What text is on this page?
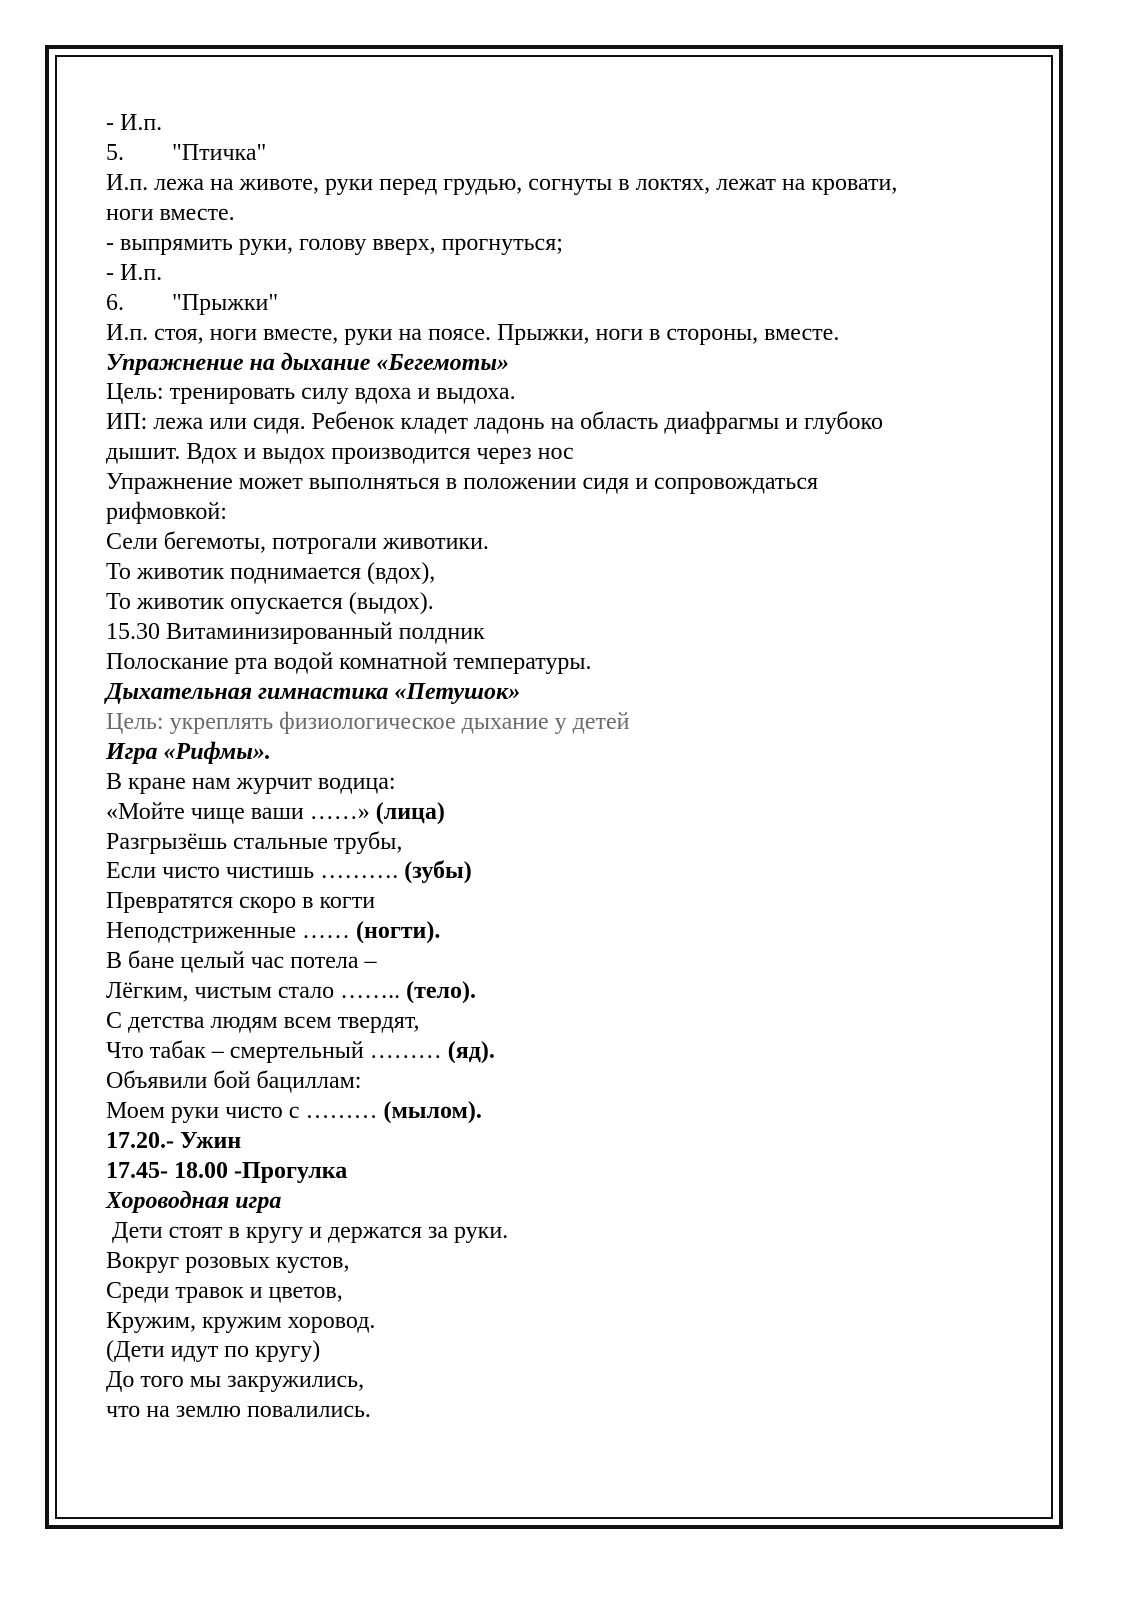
- И.п.
5. "Птичка"
И.п. лежа на животе, руки перед грудью, согнуты в локтях, лежат на кровати,
ноги вместе.
- выпрямить руки, голову вверх, прогнуться;
- И.п.
6. "Прыжки"
И.п. стоя, ноги вместе, руки на поясе. Прыжки, ноги в стороны, вместе.
Упражнение на дыхание «Бегемоты»
Цель: тренировать силу вдоха и выдоха.
ИП: лежа или сидя. Ребенок кладет ладонь на область диафрагмы и глубоко
дышит. Вдох и выдох производится через нос
Упражнение может выполняться в положении сидя и сопровождаться
рифмовкой:
Сели бегемоты, потрогали животики.
То животик поднимается (вдох),
То животик опускается (выдох).
15.30 Витаминизированный полдник
Полоскание рта водой комнатной температуры.
Дыхательная гимнастика «Петушок»
Цель: укреплять физиологическое дыхание у детей
Игра «Рифмы».
В кране нам журчит водица:
«Мойте чище ваши ……» (лица)
Разгрызёшь стальные трубы,
Если чисто чистишь ………. (зубы)
Превратятся скоро в когти
Неподстриженные …… (ногти).
В бане целый час потела –
Лёгким, чистым стало …….. (тело).
С детства людям всем твердят,
Что табак – смертельный ……… (яд).
Объявили бой бациллам:
Моем руки чисто с ……… (мылом).
17.20.- Ужин
17.45- 18.00 -Прогулка
Хороводная игра
Дети стоят в кругу и держатся за руки.
Вокруг розовых кустов,
Среди травок и цветов,
Кружим, кружим хоровод.
(Дети идут по кругу)
До того мы закружились,
что на землю повалились.
